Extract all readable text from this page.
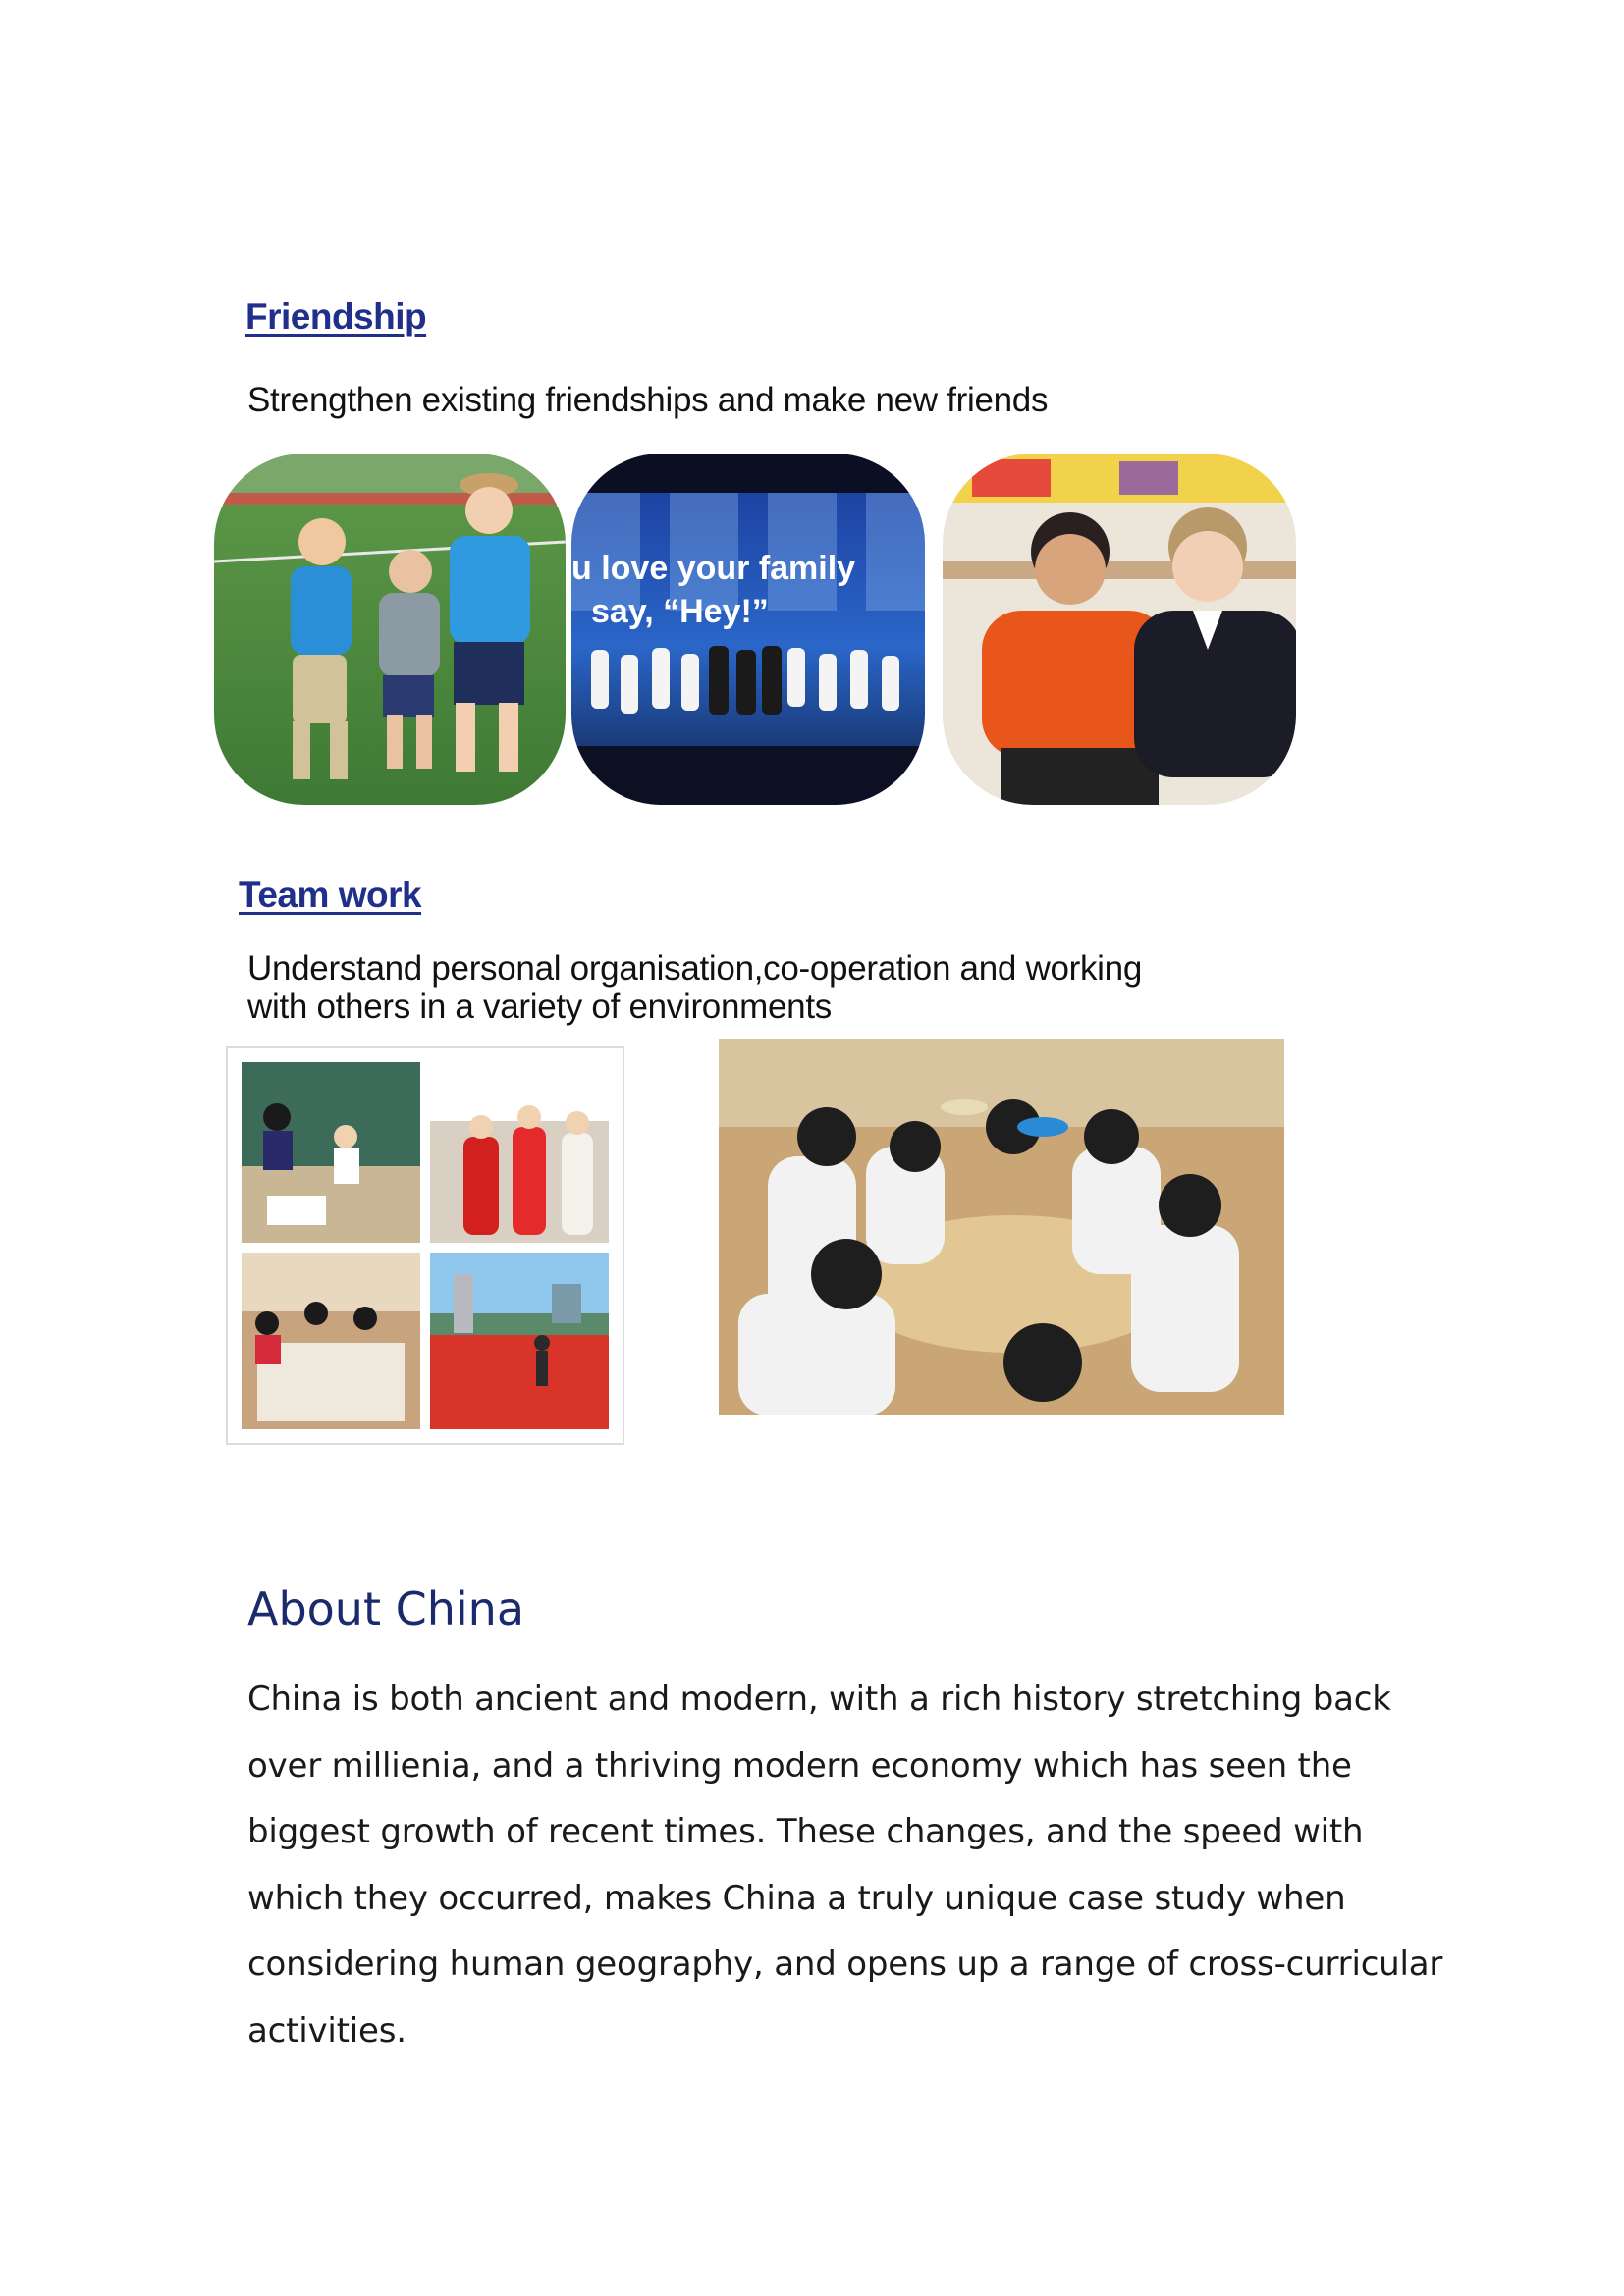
Friendship
Strengthen existing friendships and make new friends
u love your family
say, “Hey!”
Team work
Understand personal organisation,co-operation and working
with others in a variety of environments
About China
China is both ancient and modern, with a rich history stretching back
over millienia, and a thriving modern economy which has seen the
biggest growth of recent times. These changes, and the speed with
which they occurred, makes China a truly unique case study when
considering human geography, and opens up a range of cross-curricular
activities.
